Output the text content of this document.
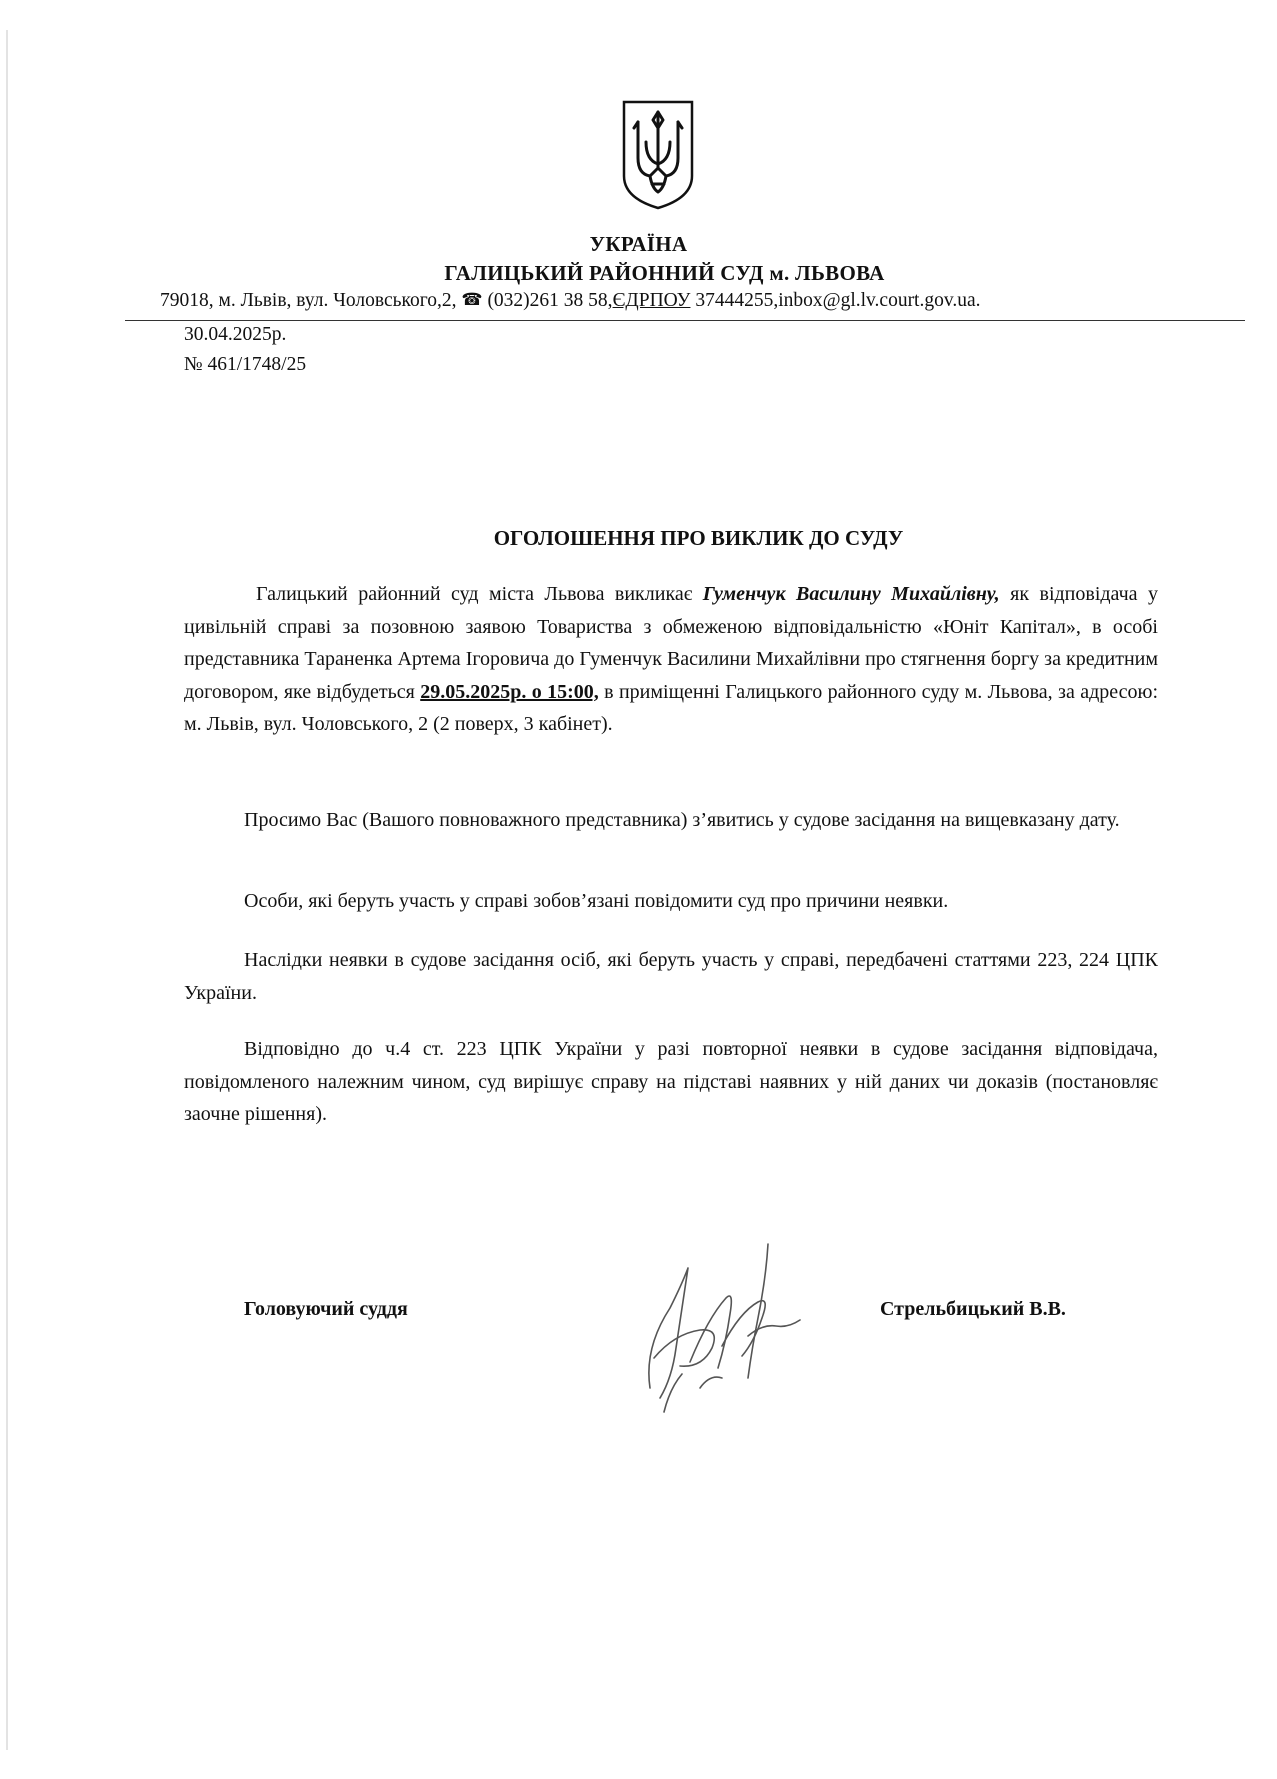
УКРАЇНА
ГАЛИЦЬКИЙ РАЙОННИЙ СУД м. ЛЬВОВА
79018, м. Львів, вул. Чоловського,2, ☎ (032)261 38 58,ЄДРПОУ 37444255,inbox@gl.lv.court.gov.ua.
30.04.2025р.
№ 461/1748/25
ОГОЛОШЕННЯ ПРО ВИКЛИК ДО СУДУ
Галицький районний суд міста Львова викликає Гуменчук Василину Михайлівну, як відповідача у цивільній справі за позовною заявою Товариства з обмеженою відповідальністю «Юніт Капітал», в особі представника Тараненка Артема Ігоровича до Гуменчук Василини Михайлівни про стягнення боргу за кредитним договором, яке відбудеться 29.05.2025р. о 15:00, в приміщенні Галицького районного суду м. Львова, за адресою: м. Львів, вул. Чоловського, 2 (2 поверх, 3 кабінет).
Просимо Вас (Вашого повноважного представника) з’явитись у судове засідання на вищевказану дату.
Особи, які беруть участь у справі зобов’язані повідомити суд про причини неявки.
Наслідки неявки в судове засідання осіб, які беруть участь у справі, передбачені статтями 223, 224 ЦПК України.
Відповідно до ч.4 ст. 223 ЦПК України у разі повторної неявки в судове засідання відповідача, повідомленого належним чином, суд вирішує справу на підставі наявних у ній даних чи доказів (постановляє заочне рішення).
Головуючий суддя	Стрельбицький В.В.
